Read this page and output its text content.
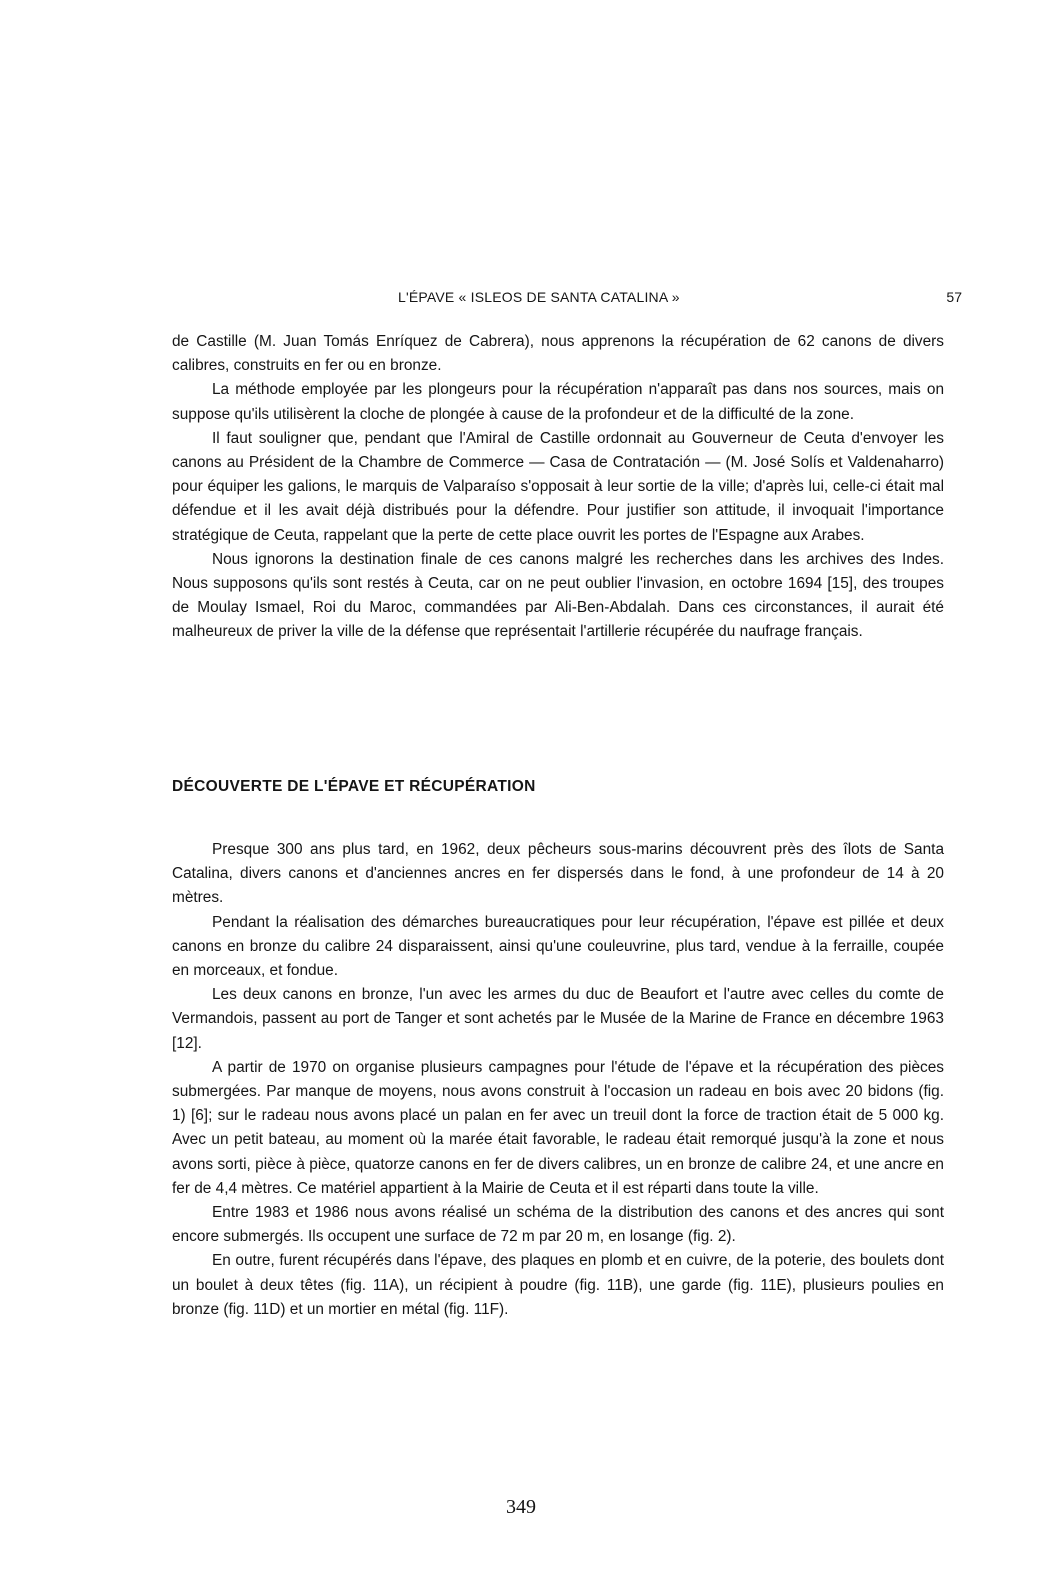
L'ÉPAVE « ISLEOS DE SANTA CATALINA »	57

de Castille (M. Juan Tomás Enríquez de Cabrera), nous apprenons la récupération de 62 canons de divers calibres, construits en fer ou en bronze.

La méthode employée par les plongeurs pour la récupération n'apparaît pas dans nos sources, mais on suppose qu'ils utilisèrent la cloche de plongée à cause de la profondeur et de la difficulté de la zone.

Il faut souligner que, pendant que l'Amiral de Castille ordonnait au Gouverneur de Ceuta d'envoyer les canons au Président de la Chambre de Commerce — Casa de Contratación — (M. José Solís et Valdenaharro) pour équiper les galions, le marquis de Valparaíso s'opposait à leur sortie de la ville; d'après lui, celle-ci était mal défendue et il les avait déjà distribués pour la défendre. Pour justifier son attitude, il invoquait l'importance stratégique de Ceuta, rappelant que la perte de cette place ouvrit les portes de l'Espagne aux Arabes.

Nous ignorons la destination finale de ces canons malgré les recherches dans les archives des Indes. Nous supposons qu'ils sont restés à Ceuta, car on ne peut oublier l'invasion, en octobre 1694 [15], des troupes de Moulay Ismael, Roi du Maroc, commandées par Ali-Ben-Abdalah. Dans ces circonstances, il aurait été malheureux de priver la ville de la défense que représentait l'artillerie récupérée du naufrage français.

DÉCOUVERTE DE L'ÉPAVE ET RÉCUPÉRATION

Presque 300 ans plus tard, en 1962, deux pêcheurs sous-marins découvrent près des îlots de Santa Catalina, divers canons et d'anciennes ancres en fer dispersés dans le fond, à une profondeur de 14 à 20 mètres.

Pendant la réalisation des démarches bureaucratiques pour leur récupération, l'épave est pillée et deux canons en bronze du calibre 24 disparaissent, ainsi qu'une couleuvrine, plus tard, vendue à la ferraille, coupée en morceaux, et fondue.

Les deux canons en bronze, l'un avec les armes du duc de Beaufort et l'autre avec celles du comte de Vermandois, passent au port de Tanger et sont achetés par le Musée de la Marine de France en décembre 1963 [12].

A partir de 1970 on organise plusieurs campagnes pour l'étude de l'épave et la récupération des pièces submergées. Par manque de moyens, nous avons construit à l'occasion un radeau en bois avec 20 bidons (fig. 1) [6]; sur le radeau nous avons placé un palan en fer avec un treuil dont la force de traction était de 5 000 kg. Avec un petit bateau, au moment où la marée était favorable, le radeau était remorqué jusqu'à la zone et nous avons sorti, pièce à pièce, quatorze canons en fer de divers calibres, un en bronze de calibre 24, et une ancre en fer de 4,4 mètres. Ce matériel appartient à la Mairie de Ceuta et il est réparti dans toute la ville.

Entre 1983 et 1986 nous avons réalisé un schéma de la distribution des canons et des ancres qui sont encore submergés. Ils occupent une surface de 72 m par 20 m, en losange (fig. 2).

En outre, furent récupérés dans l'épave, des plaques en plomb et en cuivre, de la poterie, des boulets dont un boulet à deux têtes (fig. 11A), un récipient à poudre (fig. 11B), une garde (fig. 11E), plusieurs poulies en bronze (fig. 11D) et un mortier en métal (fig. 11F).

349
